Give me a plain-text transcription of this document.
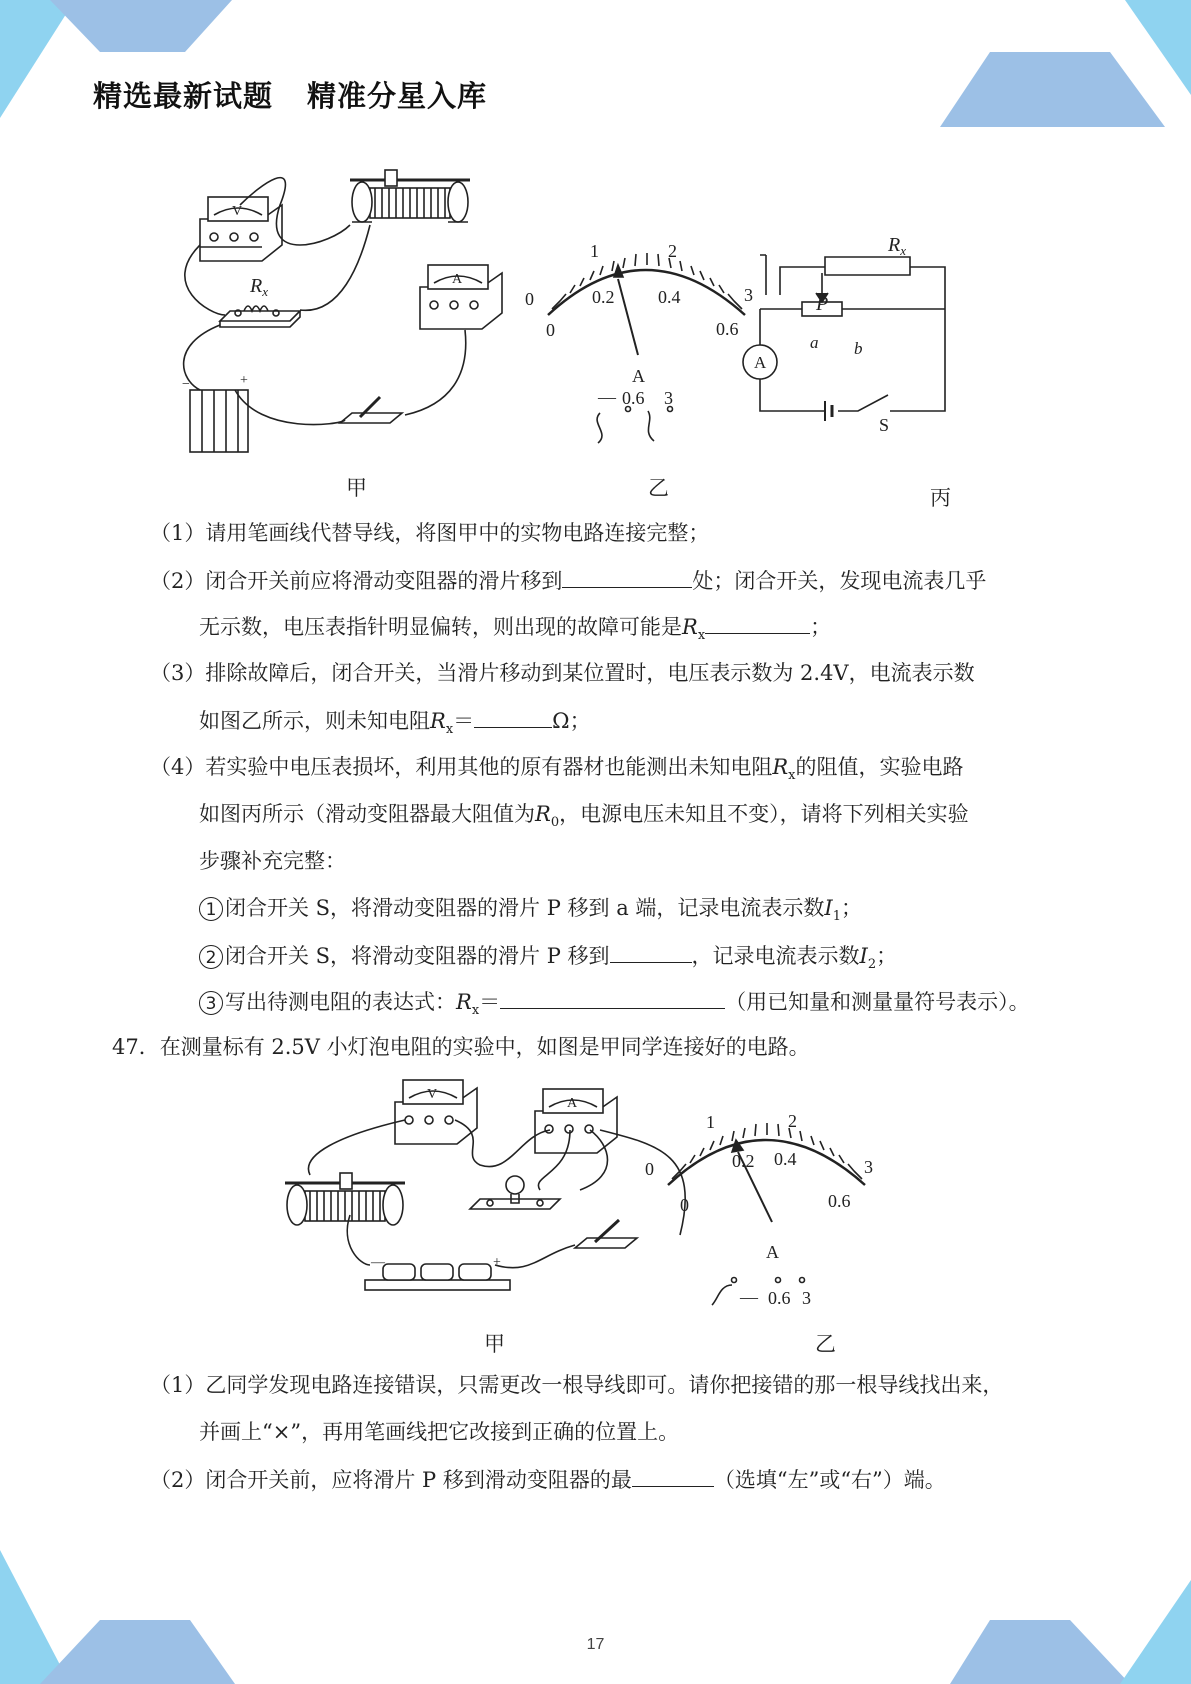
精选最新试题 精准分星入库
V
$R_x$
A
−	+
0
1	2
3
0
0.2 0.4
0.6
A
— 0.6 3
$R_x$
P
a b
A
S
甲	乙	丙
（1）请用笔画线代替导线，将图甲中的实物电路连接完整；
（2）闭合开关前应将滑动变阻器的滑片移到	处；闭合开关，发现电流表几乎
无示数，电压表指针明显偏转，则出现的故障可能是$R_x$	；
（3）排除故障后，闭合开关，当滑片移动到某位置时，电压表示数为 2.4V，电流表示数
如图乙所示，则未知电阻$R_x=$	Ω；
（4）若实验中电压表损坏，利用其他的原有器材也能测出未知电阻$R_x$的阻值，实验电路
如图丙所示（滑动变阻器最大阻值为$R_0$，电源电压未知且不变），请将下列相关实验
步骤补充完整：
1 闭合开关 S，将滑动变阻器的滑片 P 移到 a 端，记录电流表示数$I_1$；
2 闭合开关 S，将滑动变阻器的滑片 P 移到	，记录电流表示数$I_2$；
3 写出待测电阻的表达式：$R_x=$	（用已知量和测量量符号表示）。
47．在测量标有 2.5V 小灯泡电阻的实验中，如图是甲同学连接好的电路。
V
A
—	+
0
1	2
3
0
0.2 0.4
0.6
A
— 0.6 3
甲	乙
（1）乙同学发现电路连接错误，只需更改一根导线即可。请你把接错的那一根导线找出来，
并画上“×”，再用笔画线把它改接到正确的位置上。
（2）闭合开关前，应将滑片 P 移到滑动变阻器的最	（选填“左”或“右”）端。
17
